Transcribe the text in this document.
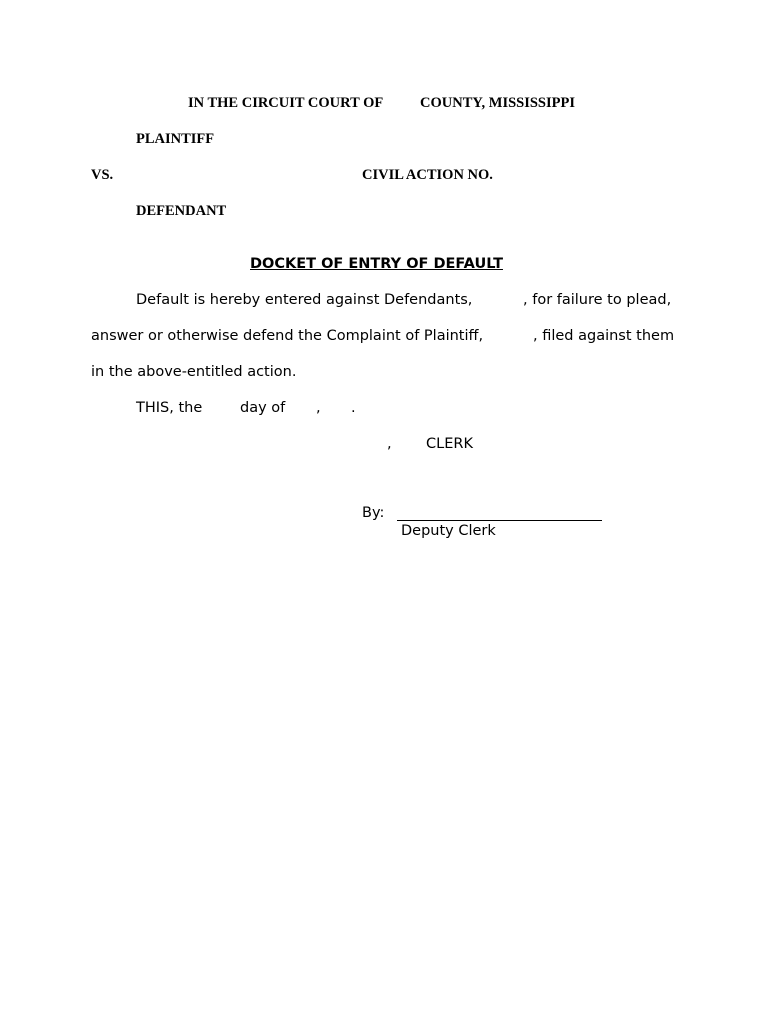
IN THE CIRCUIT COURT OF	COUNTY, MISSISSIPPI
PLAINTIFF
VS.	CIVIL ACTION NO.
DEFENDANT
DOCKET OF ENTRY OF DEFAULT
Default is hereby entered against Defendants,	, for failure to plead,
answer or otherwise defend the Complaint of Plaintiff,	, filed against them
in the above-entitled action.
THIS, the	day of , .
, CLERK
By:
Deputy Clerk
